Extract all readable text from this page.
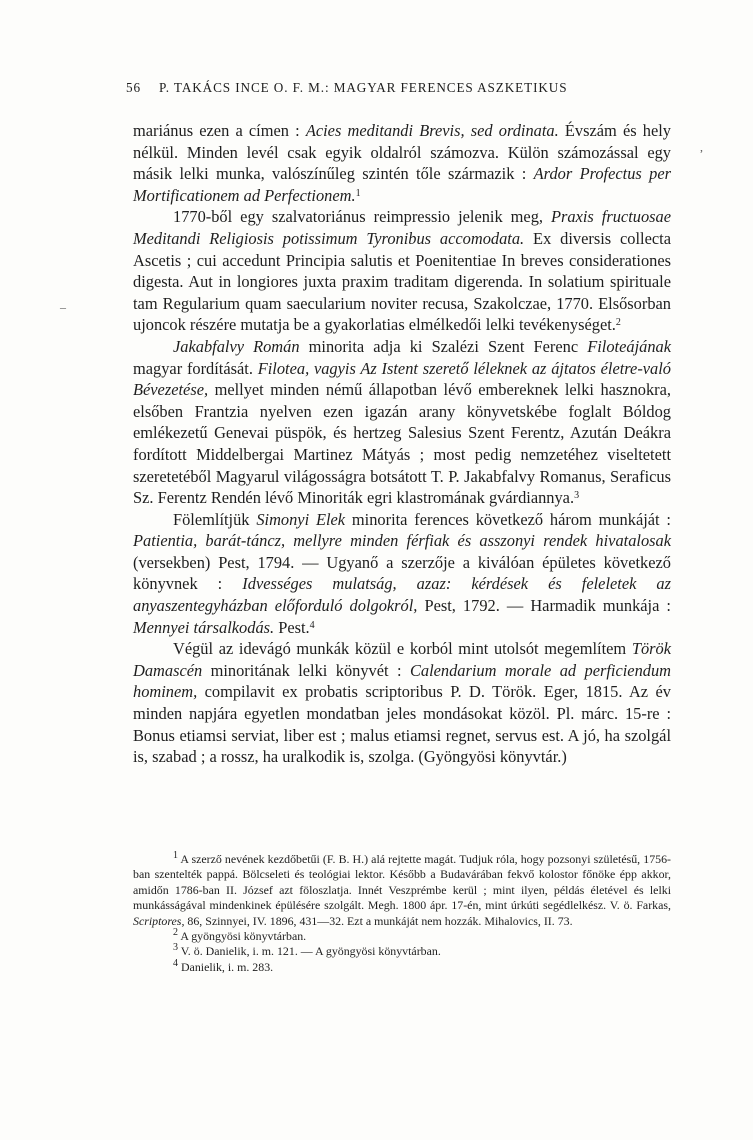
56 P. TAKÁCS INCE O. F. M.: MAGYAR FERENCES ASZKETIKUS

mariánus ezen a címen : Acies meditandi Brevis, sed ordinata. Évszám és hely nélkül. Minden levél csak egyik oldalról számozva. Külön számozással egy másik lelki munka, valószínűleg szintén tőle származik : Ardor Profectus per Mortificationem ad Perfectionem.$^1$

1770-ből egy szalvatoriánus reimpressio jelenik meg, Praxis fructuosae Meditandi Religiosis potissimum Tyronibus accomodata. Ex diversis collecta Ascetis ; cui accedunt Principia salutis et Poenitentiae In breves considerationes digesta. Aut in longiores juxta praxim traditam digerenda. In solatium spirituale tam Regularium quam saecularium noviter recusa, Szakolczae, 1770. Elsősorban ujoncok részére mutatja be a gyakorlatias elmélkedői lelki tevékenységet.$^2$

Jakabfalvy Román minorita adja ki Szalézi Szent Ferenc Filoteájának magyar fordítását. Filotea, vagyis Az Istent szerető léleknek az ájtatos életre-való Bévezetése, mellyet minden némű állapotban lévő embereknek lelki hasznokra, elsőben Frantzia nyelven ezen igazán arany könyvetskébe foglalt Bóldog emlékezetű Genevai püspök, és hertzeg Salesius Szent Ferentz, Azután Deákra fordított Middelbergai Martinez Mátyás ; most pedig nemzetéhez viseltetett szeretetéből Magyarul világosságra botsátott T. P. Jakabfalvy Romanus, Seraficus Sz. Ferentz Rendén lévő Minoriták egri klastromának gvárdiannya.$^3$

Fölemlítjük Simonyi Elek minorita ferences következő három munkáját : Patientia, barát-táncz, mellyre minden férfiak és asszonyi rendek hivatalosak (versekben) Pest, 1794. — Ugyanő a szerzője a kiválóan épületes következő könyvnek : Idvességes mulatság, azaz: kérdések és feleletek az anyaszentegyházban előforduló dolgokról, Pest, 1792. — Harmadik munkája : Mennyei társalkodás. Pest.$^4$

Végül az idevágó munkák közül e korból mint utolsót megemlítem Török Damascén minoritának lelki könyvét : Calendarium morale ad perficiendum hominem, compilavit ex probatis scriptoribus P. D. Török. Eger, 1815. Az év minden napjára egyetlen mondatban jeles mondásokat közöl. Pl. márc. 15-re : Bonus etiamsi serviat, liber est ; malus etiamsi regnet, servus est. A jó, ha szolgál is, szabad ; a rossz, ha uralkodik is, szolga. (Gyöngyösi könyvtár.)

$^1$ A szerző nevének kezdőbetűi (F. B. H.) alá rejtette magát. Tudjuk róla, hogy pozsonyi születésű, 1756-ban szentelték pappá. Bölcseleti és teológiai lektor. Később a Budavárában fekvő kolostor főnöke épp akkor, amidőn 1786-ban II. József azt föloszlatja. Innét Veszprémbe kerül ; mint ilyen, példás életével és lelki munkásságával mindenkinek épülésére szolgált. Megh. 1800 ápr. 17-én, mint úrkúti segédlelkész. V. ö. Farkas, Scriptores, 86, Szinnyei, IV. 1896, 431—32. Ezt a munkáját nem hozzák. Mihalovics, II. 73.

$^2$ A gyöngyösi könyvtárban.

$^3$ V. ö. Danielik, i. m. 121. — A gyöngyösi könyvtárban.

$^4$ Danielik, i. m. 283.

,
–
